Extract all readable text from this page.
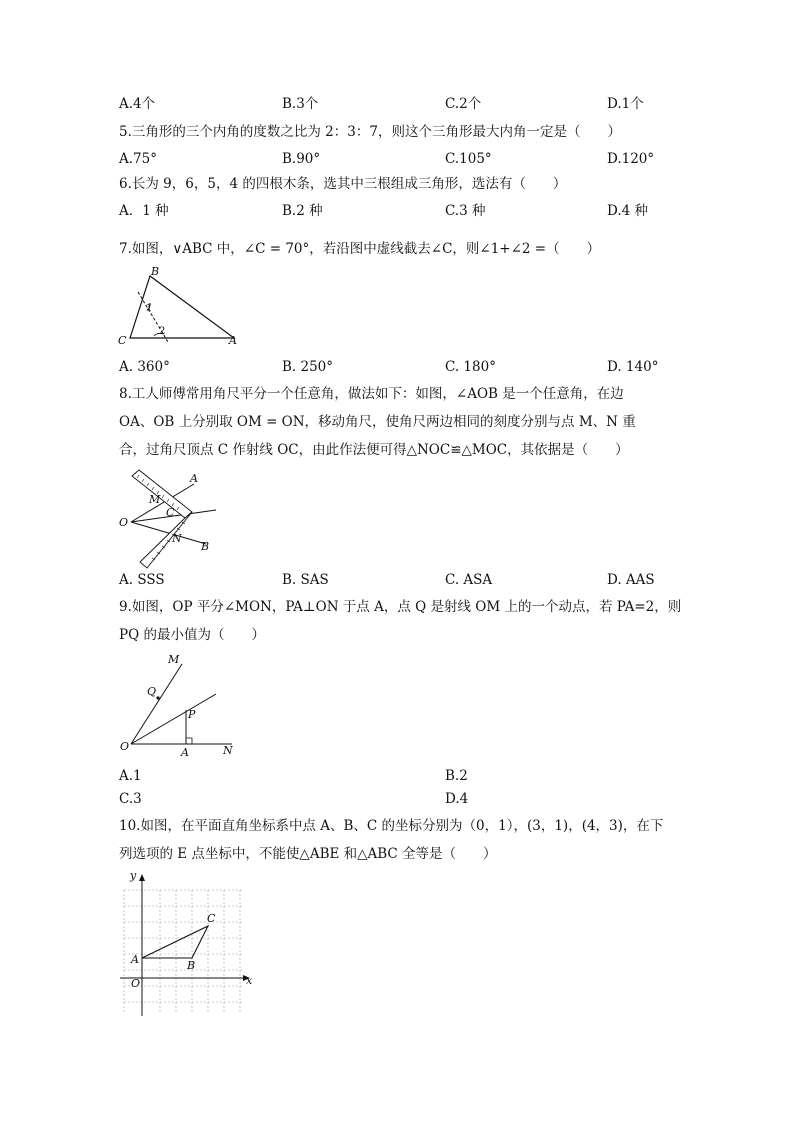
A.4个	B.3个	C.2个	D.1个
5.三角形的三个内角的度数之比为 2：3：7，则这个三角形最大内角一定是（　　）
A.75°	B.90°	C.105°	D.120°
6.长为 9，6，5，4 的四根木条，选其中三根组成三角形，选法有（　　）
A．1 种	B.2 种	C.3 种	D.4 种
7.如图，∨ABC 中，∠C = 70°，若沿图中虚线截去∠C，则∠1+∠2 =（　　）
B
C	A
1
2
A. 360°	B. 250°	C. 180°	D. 140°
8.工人师傅常用角尺平分一个任意角，做法如下：如图，∠AOB 是一个任意角，在边
OA、OB 上分别取 OM = ON，移动角尺，使角尺两边相同的刻度分别与点 M、N 重
合，过角尺顶点 C 作射线 OC，由此作法便可得△NOC≌△MOC，其依据是（　　）
A
M
C
O
N
B
A. SSS	B. SAS	C. ASA	D. AAS
9.如图，OP 平分∠MON，PA⊥ON 于点 A，点 Q 是射线 OM 上的一个动点，若 PA=2，则
PQ 的最小值为（　　）
M
Q
P
O	A	N
A.1	B.2
C.3	D.4
10.如图，在平面直角坐标系中点 A、B、C 的坐标分别为（0，1），(3，1)，(4，3)，在下
列选项的 E 点坐标中，不能使△ABE 和△ABC 全等是（　　）
y
x
O
A	B
C
